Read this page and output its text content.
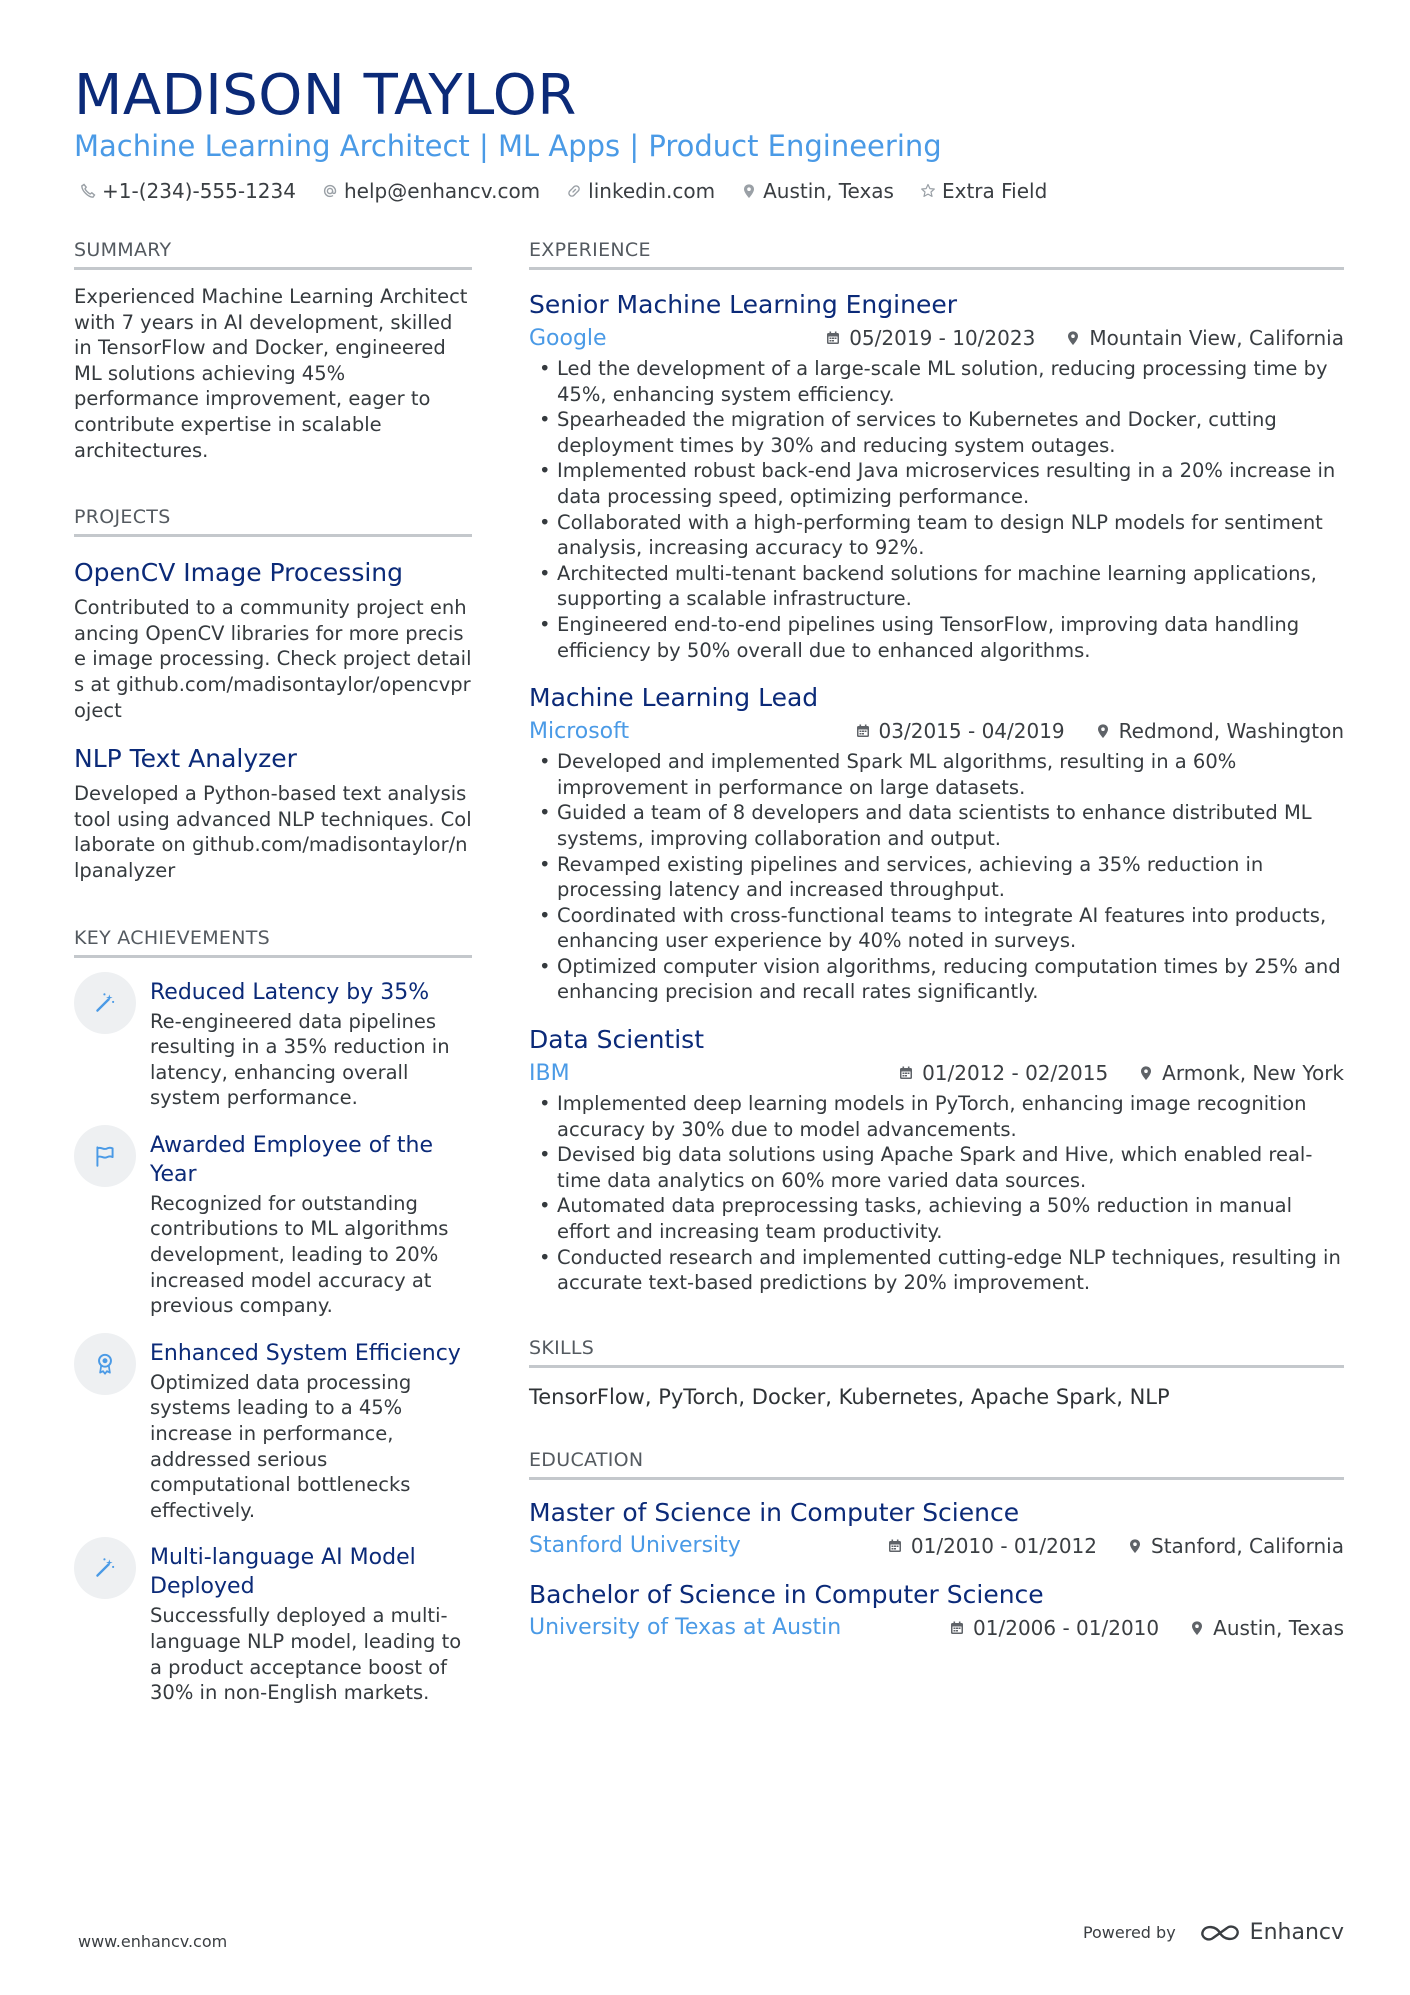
MADISON TAYLOR
Machine Learning Architect | ML Apps | Product Engineering
+1-(234)-555-1234 help@enhancv.com linkedin.com Austin, Texas Extra Field
SUMMARY
Experienced Machine Learning Architect with 7 years in AI development, skilled in TensorFlow and Docker, engineered ML solutions achieving 45% performance improvement, eager to contribute expertise in scalable architectures.
PROJECTS
OpenCV Image Processing
Contributed to a community project enhancing OpenCV libraries for more precise image processing. Check project details at github.com/madisontaylor/opencvproject
NLP Text Analyzer
Developed a Python-based text analysis tool using advanced NLP techniques. Collaborate on github.com/madisontaylor/nlpanalyzer
KEY ACHIEVEMENTS
Reduced Latency by 35%
Re-engineered data pipelines resulting in a 35% reduction in latency, enhancing overall system performance.
Awarded Employee of the Year
Recognized for outstanding contributions to ML algorithms development, leading to 20% increased model accuracy at previous company.
Enhanced System Efficiency
Optimized data processing systems leading to a 45% increase in performance, addressed serious computational bottlenecks effectively.
Multi-language AI Model Deployed
Successfully deployed a multi-language NLP model, leading to a product acceptance boost of 30% in non-English markets.
EXPERIENCE
Senior Machine Learning Engineer
Google	05/2019 - 10/2023	Mountain View, California
• Led the development of a large-scale ML solution, reducing processing time by 45%, enhancing system efficiency.
• Spearheaded the migration of services to Kubernetes and Docker, cutting deployment times by 30% and reducing system outages.
• Implemented robust back-end Java microservices resulting in a 20% increase in data processing speed, optimizing performance.
• Collaborated with a high-performing team to design NLP models for sentiment analysis, increasing accuracy to 92%.
• Architected multi-tenant backend solutions for machine learning applications, supporting a scalable infrastructure.
• Engineered end-to-end pipelines using TensorFlow, improving data handling efficiency by 50% overall due to enhanced algorithms.
Machine Learning Lead
Microsoft	03/2015 - 04/2019	Redmond, Washington
• Developed and implemented Spark ML algorithms, resulting in a 60% improvement in performance on large datasets.
• Guided a team of 8 developers and data scientists to enhance distributed ML systems, improving collaboration and output.
• Revamped existing pipelines and services, achieving a 35% reduction in processing latency and increased throughput.
• Coordinated with cross-functional teams to integrate AI features into products, enhancing user experience by 40% noted in surveys.
• Optimized computer vision algorithms, reducing computation times by 25% and enhancing precision and recall rates significantly.
Data Scientist
IBM	01/2012 - 02/2015	Armonk, New York
• Implemented deep learning models in PyTorch, enhancing image recognition accuracy by 30% due to model advancements.
• Devised big data solutions using Apache Spark and Hive, which enabled real-time data analytics on 60% more varied data sources.
• Automated data preprocessing tasks, achieving a 50% reduction in manual effort and increasing team productivity.
• Conducted research and implemented cutting-edge NLP techniques, resulting in accurate text-based predictions by 20% improvement.
SKILLS
TensorFlow, PyTorch, Docker, Kubernetes, Apache Spark, NLP
EDUCATION
Master of Science in Computer Science
Stanford University	01/2010 - 01/2012	Stanford, California
Bachelor of Science in Computer Science
University of Texas at Austin	01/2006 - 01/2010	Austin, Texas
www.enhancv.com	Powered by	Enhancv
